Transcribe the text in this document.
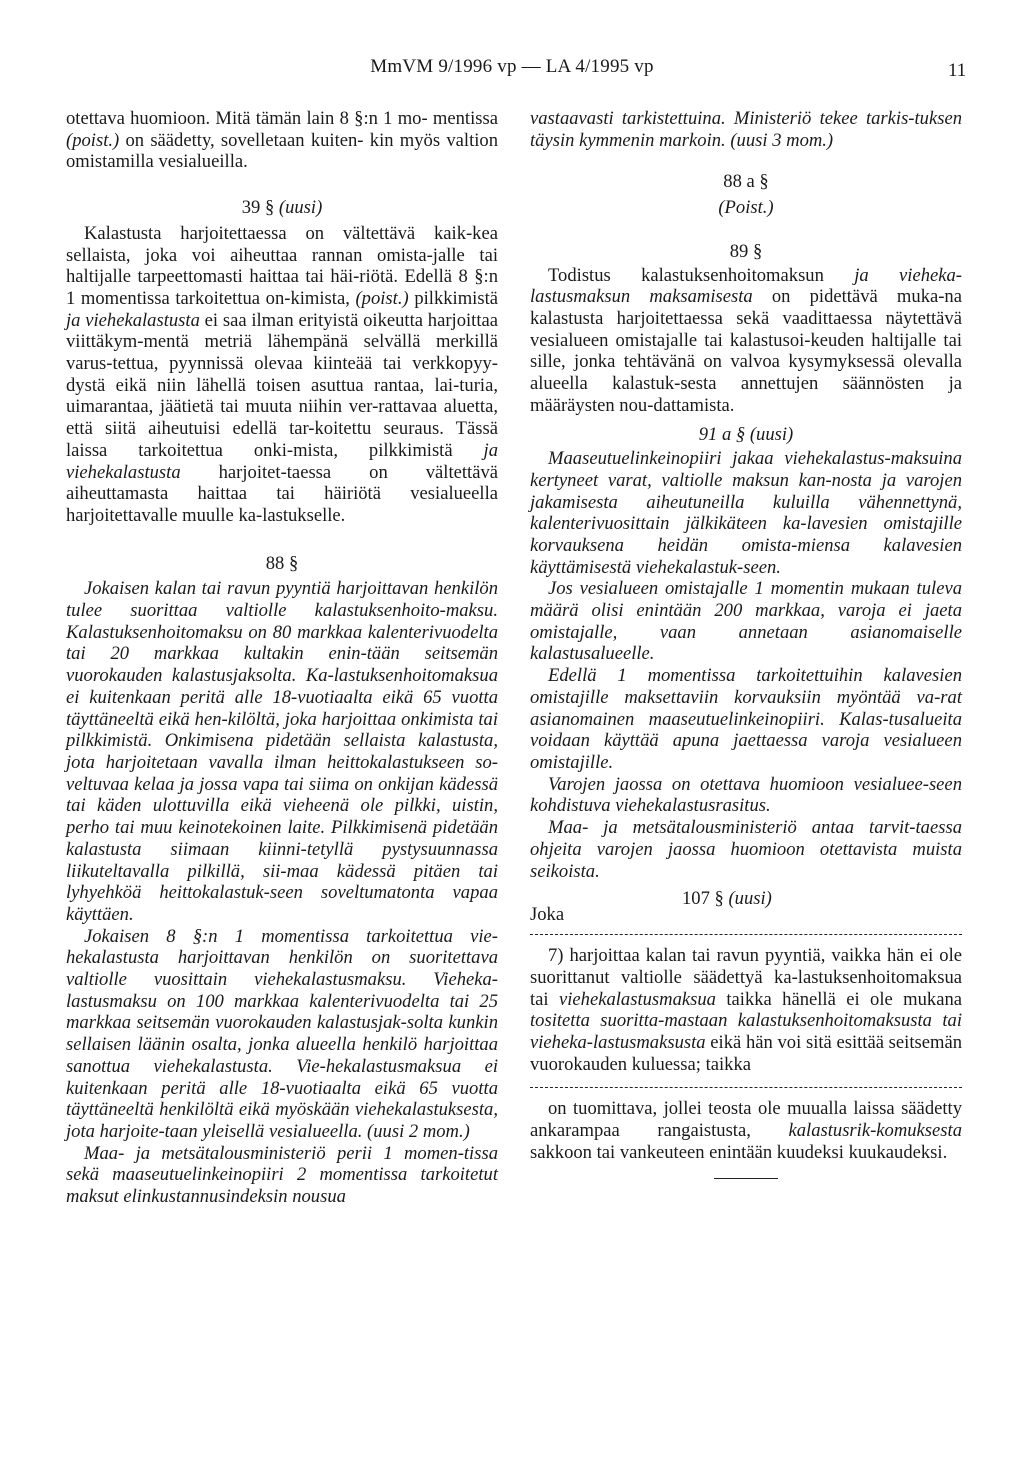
MmVM 9/1996 vp — LA 4/1995 vp	11

otettava huomioon. Mitä tämän lain 8 §:n 1 mo- mentissa (poist.) on säädetty, sovelletaan kuiten- kin myös valtion omistamilla vesialueilla.

39 § (uusi)

Kalastusta harjoitettaessa on vältettävä kaik-kea sellaista, joka voi aiheuttaa rannan omista-jalle tai haltijalle tarpeettomasti haittaa tai häi-riötä. Edellä 8 §:n 1 momentissa tarkoitettua on-kimista, (poist.) pilkkimistä ja viehekalastusta ei saa ilman erityistä oikeutta harjoittaa viittäkym-mentä metriä lähempänä selvällä merkillä varus-tettua, pyynnissä olevaa kiinteää tai verkkopyy-dystä eikä niin lähellä toisen asuttua rantaa, lai-turia, uimarantaa, jäätietä tai muuta niihin ver-rattavaa aluetta, että siitä aiheutuisi edellä tar-koitettu seuraus. Tässä laissa tarkoitettua onki-mista, pilkkimistä ja viehekalastusta harjoitet-taessa on vältettävä aiheuttamasta haittaa tai häiriötä vesialueella harjoitettavalle muulle ka-lastukselle.

88 §

Jokaisen kalan tai ravun pyyntiä harjoittavan henkilön tulee suorittaa valtiolle kalastuksenhoito-maksu. Kalastuksenhoitomaksu on 80 markkaa kalenterivuodelta tai 20 markkaa kultakin enin-tään seitsemän vuorokauden kalastusjaksolta. Ka-lastuksenhoitomaksua ei kuitenkaan peritä alle 18-vuotiaalta eikä 65 vuotta täyttäneeltä eikä hen-kilöltä, joka harjoittaa onkimista tai pilkkimistä. Onkimisena pidetään sellaista kalastusta, jota harjoitetaan vavalla ilman heittokalastukseen so-veltuvaa kelaa ja jossa vapa tai siima on onkijan kädessä tai käden ulottuvilla eikä vieheenä ole pilkki, uistin, perho tai muu keinotekoinen laite. Pilkkimisenä pidetään kalastusta siimaan kiinni-tetyllä pystysuunnassa liikuteltavalla pilkillä, sii-maa kädessä pitäen tai lyhyehköä heittokalastuk-seen soveltumatonta vapaa käyttäen.

Jokaisen 8 §:n 1 momentissa tarkoitettua vie-hekalastusta harjoittavan henkilön on suoritettava valtiolle vuosittain viehekalastusmaksu. Viehekа-lastusmaksu on 100 markkaa kalenterivuodelta tai 25 markkaa seitsemän vuorokauden kalastusjak-solta kunkin sellaisen läänin osalta, jonka alueella henkilö harjoittaa sanottua viehekalastusta. Vie-hekalastusmaksua ei kuitenkaan peritä alle 18-vuotiaalta eikä 65 vuotta täyttäneeltä henkilöltä eikä myöskään viehekalastuksesta, jota harjoite-taan yleisellä vesialueella. (uusi 2 mom.)

Maa- ja metsätalousministeriö perii 1 momen-tissa sekä maaseutuelinkeinopiiri 2 momentissa tarkoitetut maksut elinkustannusindeksin nousua

vastaavasti tarkistettuina. Ministeriö tekee tarkis-tuksen täysin kymmenin markoin. (uusi 3 mom.)

88 a §

(Poist.)

89 §

Todistus kalastuksenhoitomaksun ja viehekа-lastusmaksun maksamisesta on pidettävä muka-na kalastusta harjoitettaessa sekä vaadittaessa näytettävä vesialueen omistajalle tai kalastusoi-keuden haltijalle tai sille, jonka tehtävänä on valvoa kysymyksessä olevalla alueella kalastuk-sesta annettujen säännösten ja määräysten nou-dattamista.

91 a § (uusi)

Maaseutuelinkeinopiiri jakaa viehekalastus-maksuina kertyneet varat, valtiolle maksun kan-nosta ja varojen jakamisesta aiheutuneilla kuluilla vähennettynä, kalenterivuosittain jälkikäteen ka-lavesien omistajille korvauksena heidän omista-miensa kalavesien käyttämisestä viehekalastuk-seen.

Jos vesialueen omistajalle 1 momentin mukaan tuleva määrä olisi enintään 200 markkaa, varoja ei jaeta omistajalle, vaan annetaan asianomaiselle kalastusalueelle.

Edellä 1 momentissa tarkoitettuihin kalavesien omistajille maksettaviin korvauksiin myöntää va-rat asianomainen maaseutuelinkeinopiiri. Kalas-tusalueita voidaan käyttää apuna jaettaessa varoja vesialueen omistajille.

Varojen jaossa on otettava huomioon vesialuee-seen kohdistuva viehekalastusrasitus.

Maa- ja metsätalousministeriö antaa tarvit-taessa ohjeita varojen jaossa huomioon otettavista muista seikoista.

107 § (uusi)
Joka

7) harjoittaa kalan tai ravun pyyntiä, vaikka hän ei ole suorittanut valtiolle säädettyä ka-lastuksenhoitomaksua tai viehekalastusmaksua taikka hänellä ei ole mukana tositetta suoritta-mastaan kalastuksenhoitomaksusta tai viehekа-lastusmaksusta eikä hän voi sitä esittää seitsemän vuorokauden kuluessa; taikka

on tuomittava, jollei teosta ole muualla laissa säädetty ankarampaa rangaistusta, kalastusrik-komuksesta sakkoon tai vankeuteen enintään kuudeksi kuukaudeksi.
